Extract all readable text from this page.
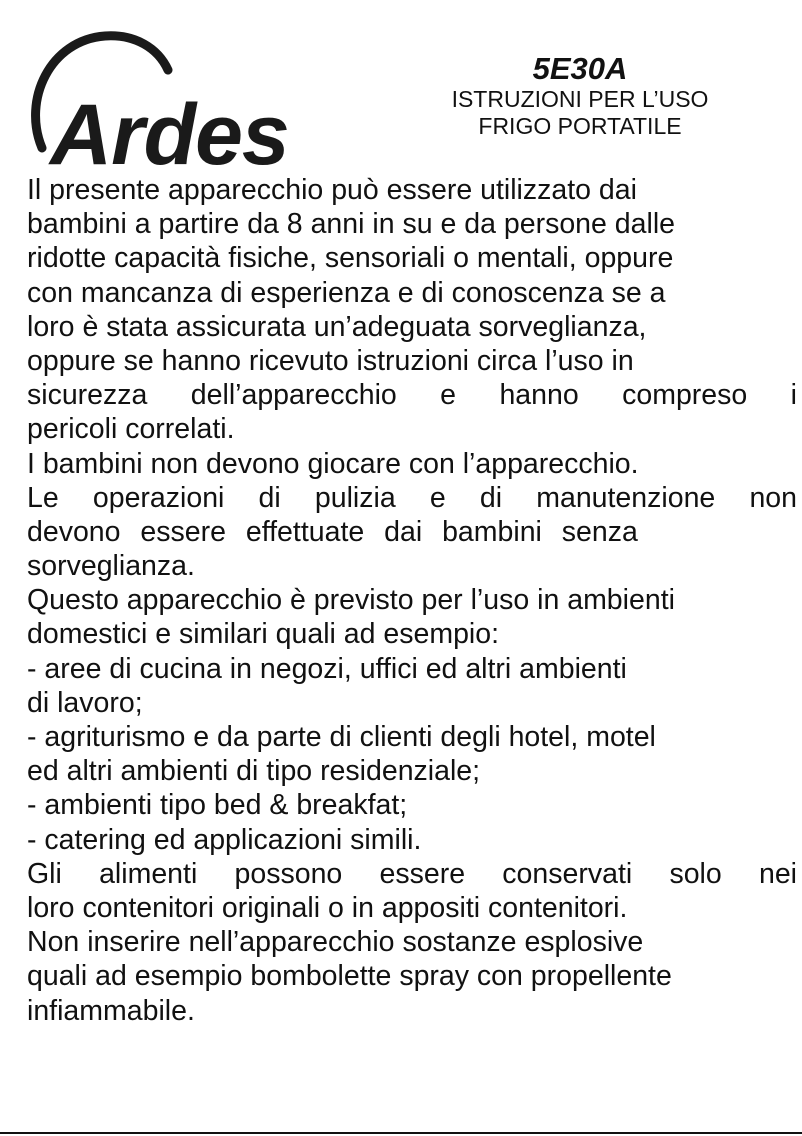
Ardes

5E30A
ISTRUZIONI PER L’USO
FRIGO PORTATILE
Il presente apparecchio può essere utilizzato dai
bambini a partire da 8 anni in su e da persone dalle
ridotte capacità fisiche, sensoriali o mentali, oppure
con mancanza di esperienza e di conoscenza se a
loro è stata assicurata un’adeguata sorveglianza,
oppure se hanno ricevuto istruzioni circa l’uso in
sicurezza dell’apparecchio e hanno compreso i
pericoli correlati.
I bambini non devono giocare con l’apparecchio.
Le operazioni di pulizia e di manutenzione non
devono essere effettuate dai bambini senza
sorveglianza.
Questo apparecchio è previsto per l’uso in ambienti
domestici e similari quali ad esempio:
- aree di cucina in negozi, uffici ed altri ambienti
di lavoro;
- agriturismo e da parte di clienti degli hotel, motel
ed altri ambienti di tipo residenziale;
- ambienti tipo bed & breakfat;
- catering ed applicazioni simili.
Gli alimenti possono essere conservati solo nei
loro contenitori originali o in appositi contenitori.
Non inserire nell’apparecchio sostanze esplosive
quali ad esempio bombolette spray con propellente
infiammabile.
